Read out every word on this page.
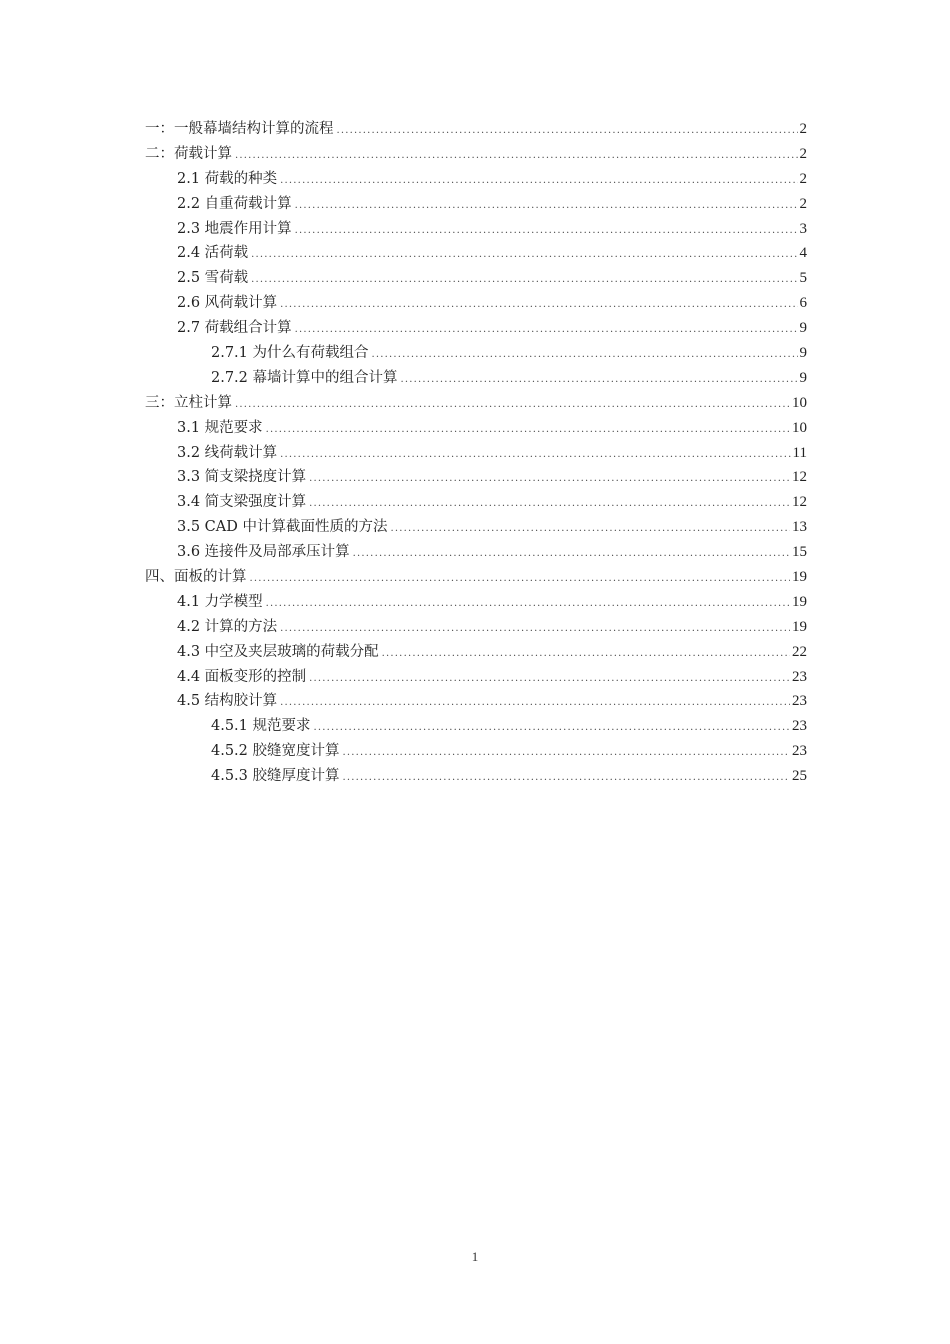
一：一般幕墙结构计算的流程 .....	2
二：荷载计算 .....	2
2.1 荷载的种类 .....	2
2.2 自重荷载计算 .....	2
2.3 地震作用计算 .....	3
2.4 活荷载 .....	4
2.5 雪荷载 .....	5
2.6 风荷载计算 .....	6
2.7 荷载组合计算 .....	9
2.7.1 为什么有荷载组合 .....	9
2.7.2 幕墙计算中的组合计算 .....	9
三：立柱计算 .....	10
3.1 规范要求 .....	10
3.2 线荷载计算 .....	11
3.3 简支梁挠度计算 .....	12
3.4 简支梁强度计算 .....	12
3.5 CAD 中计算截面性质的方法 .....	13
3.6 连接件及局部承压计算 .....	15
四、面板的计算 .....	19
4.1 力学模型 .....	19
4.2 计算的方法 .....	19
4.3 中空及夹层玻璃的荷载分配 .....	22
4.4 面板变形的控制 .....	23
4.5 结构胶计算 .....	23
4.5.1 规范要求 .....	23
4.5.2 胶缝宽度计算 .....	23
4.5.3 胶缝厚度计算 .....	25
1
